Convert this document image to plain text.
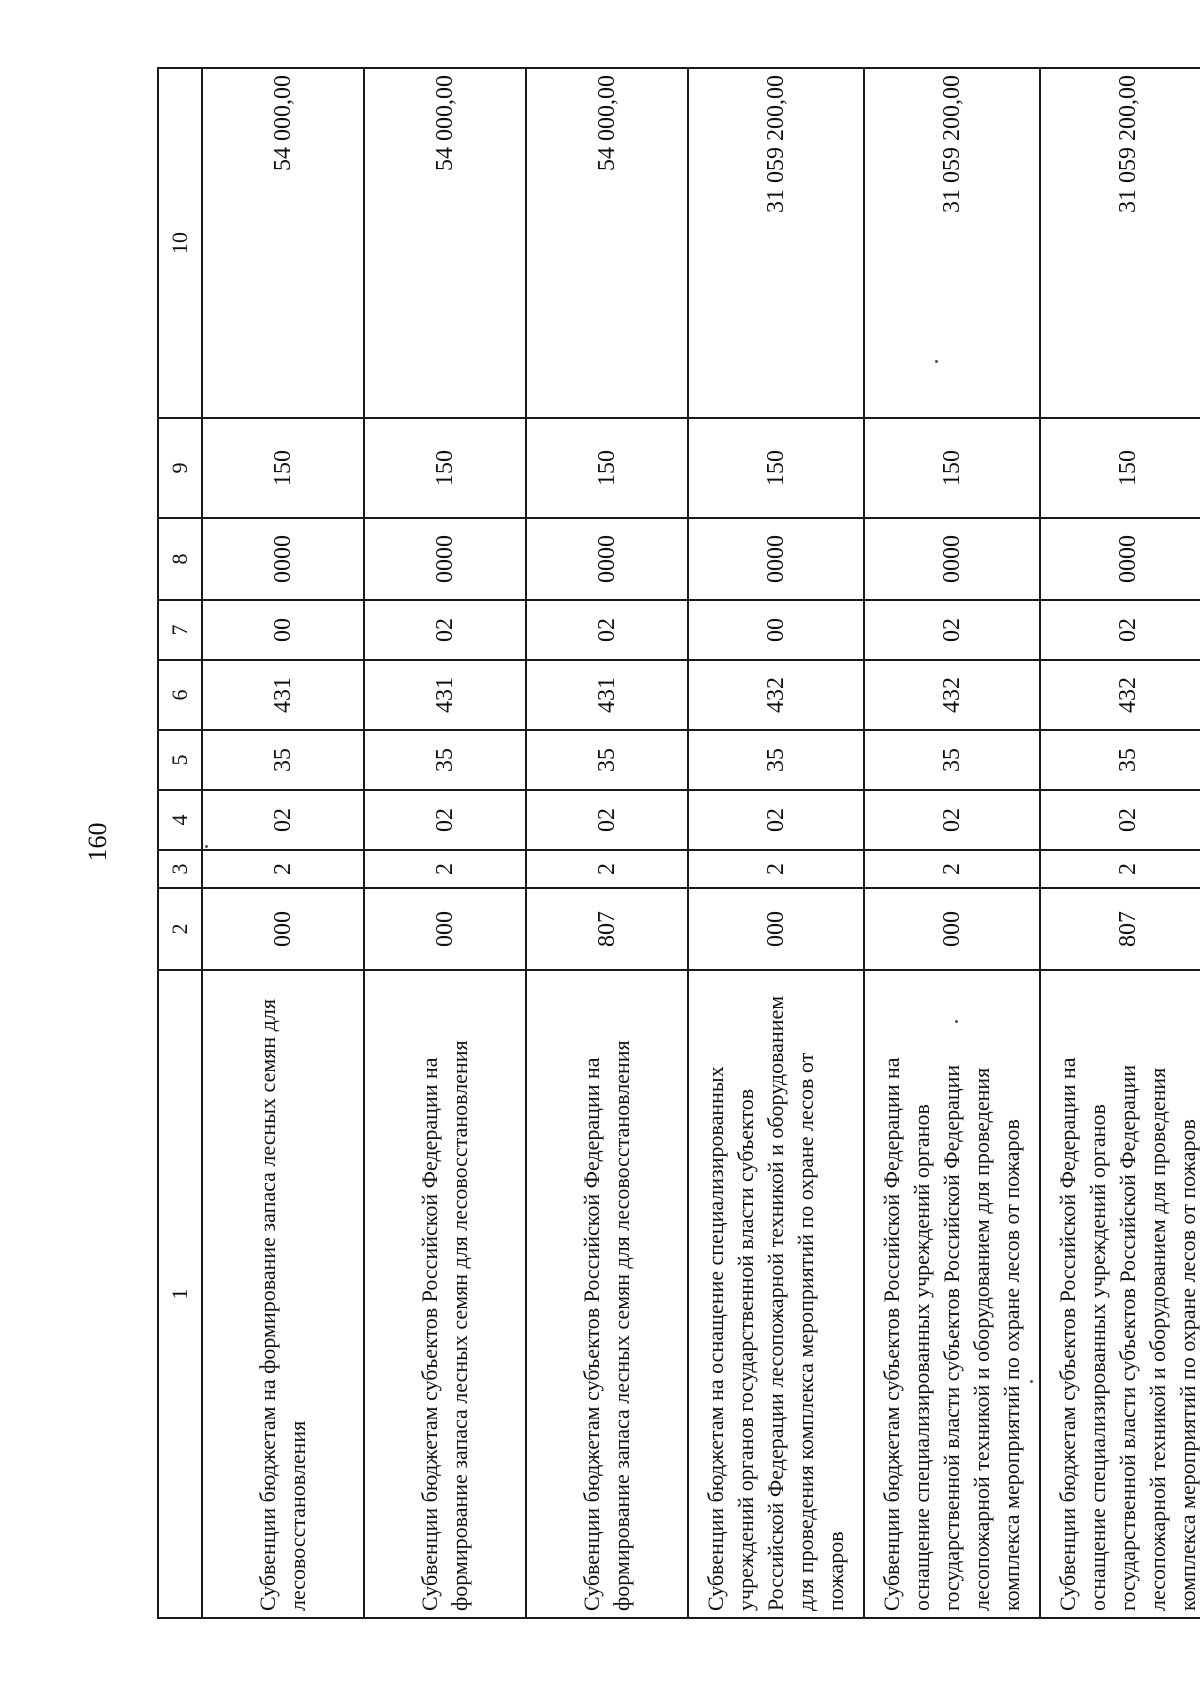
160
1	2	3	4	5	6	7	8	9	10
Субвенции бюджетам на формирование запаса лесных семян для лесовосстановления	000	2	02	35	431	00	0000	150	54 000,00
Субвенции бюджетам субъектов Российской Федерации на формирование запаса лесных семян для лесовосстановления	000	2	02	35	431	02	0000	150	54 000,00
Субвенции бюджетам субъектов Российской Федерации на формирование запаса лесных семян для лесовосстановления	807	2	02	35	431	02	0000	150	54 000,00
Субвенции бюджетам на оснащение специализированных учреждений органов государственной власти субъектов Российской Федерации лесопожарной техникой и оборудованием для проведения комплекса мероприятий по охране лесов от пожаров	000	2	02	35	432	00	0000	150	31 059 200,00
Субвенции бюджетам субъектов Российской Федерации на оснащение специализированных учреждений органов государственной власти субъектов Российской Федерации лесопожарной техникой и оборудованием для проведения комплекса мероприятий по охране лесов от пожаров	000	2	02	35	432	02	0000	150	31 059 200,00
Субвенции бюджетам субъектов Российской Федерации на оснащение специализированных учреждений органов государственной власти субъектов Российской Федерации лесопожарной техникой и оборудованием для проведения комплекса мероприятий по охране лесов от пожаров	807	2	02	35	432	02	0000	150	31 059 200,00
